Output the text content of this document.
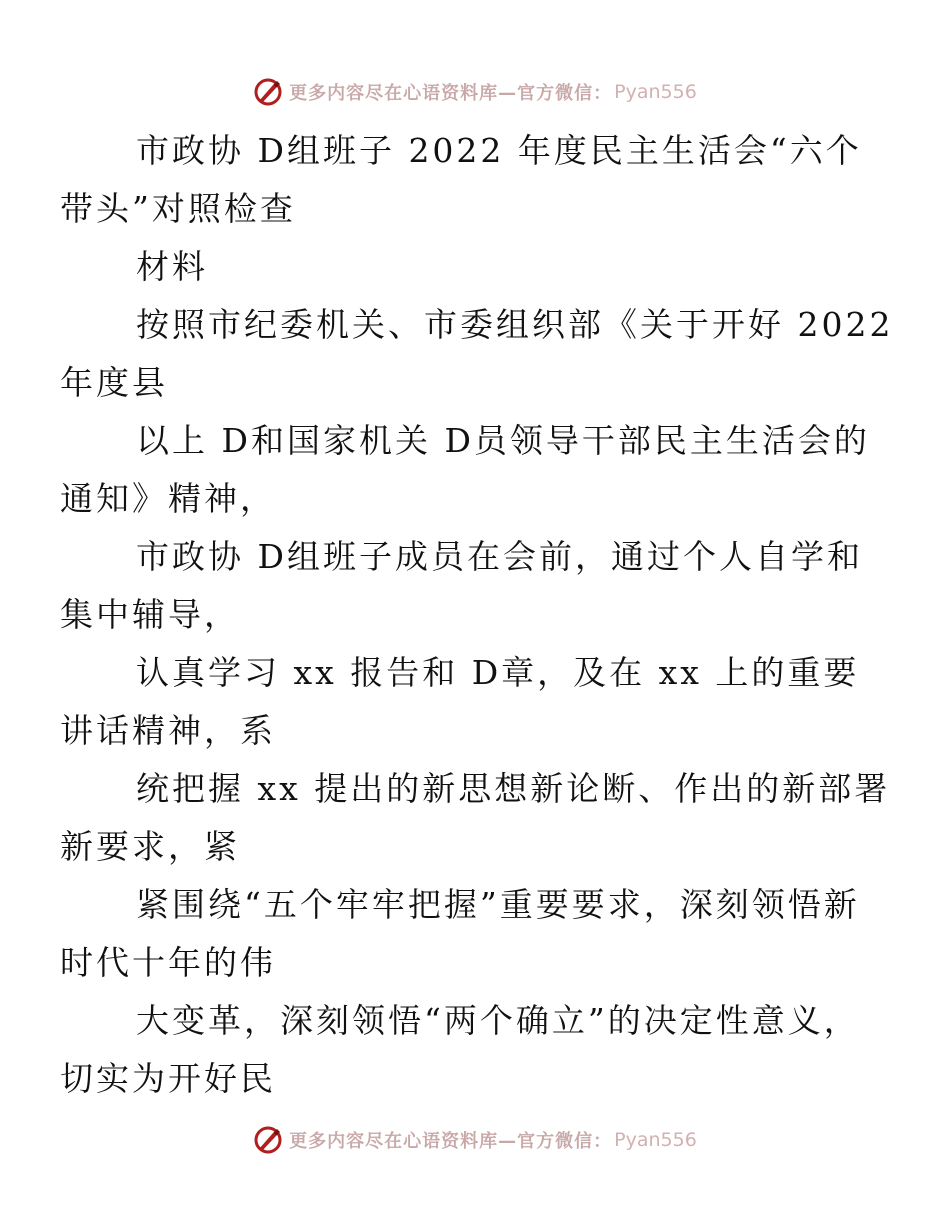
更多内容尽在心语资料库—官方微信： Pyan556

市政协 D组班子 2022 年度民主生活会“六个
带头”对照检查

材料

按照市纪委机关、市委组织部《关于开好 2022
年度县

以上 D和国家机关 D员领导干部民主生活会的
通知》精神，

市政协 D组班子成员在会前，通过个人自学和
集中辅导，

认真学习 xx 报告和 D章，及在 xx 上的重要
讲话精神，系

统把握 xx 提出的新思想新论断、作出的新部署
新要求，紧

紧围绕“五个牢牢把握”重要要求，深刻领悟新
时代十年的伟

大变革，深刻领悟“两个确立”的决定性意义，
切实为开好民

更多内容尽在心语资料库—官方微信： Pyan556
